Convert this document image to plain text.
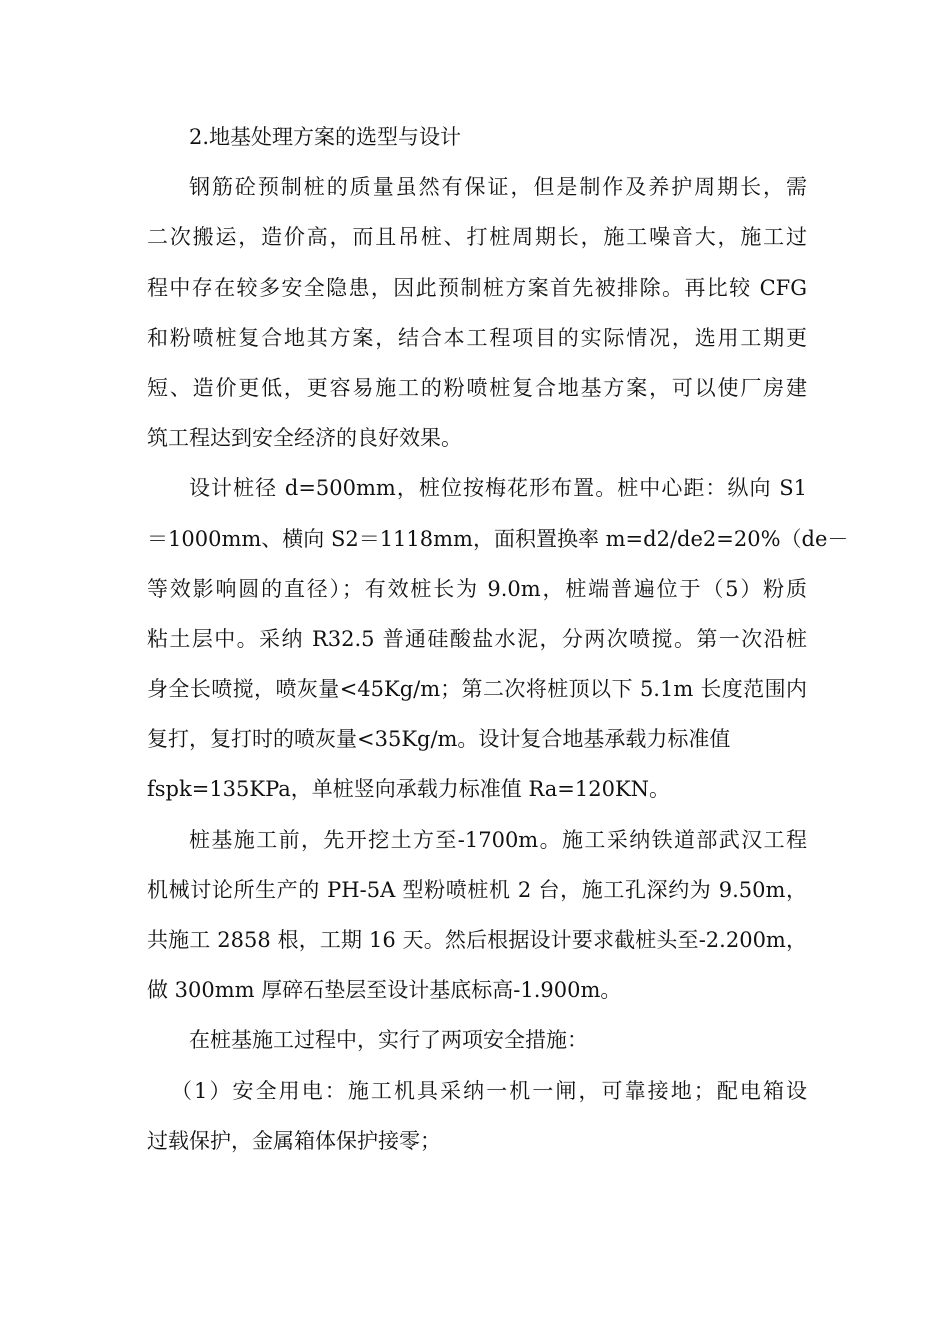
2.地基处理方案的选型与设计
钢筋砼预制桩的质量虽然有保证，但是制作及养护周期长，需
二次搬运，造价高，而且吊桩、打桩周期长，施工噪音大，施工过
程中存在较多安全隐患，因此预制桩方案首先被排除。再比较 CFG
和粉喷桩复合地其方案，结合本工程项目的实际情况，选用工期更
短、造价更低，更容易施工的粉喷桩复合地基方案，可以使厂房建
筑工程达到安全经济的良好效果。
设计桩径 d=500mm，桩位按梅花形布置。桩中心距：纵向 S1
＝1000mm、横向 S2＝1118mm，面积置换率 m=d2/de2=20%（de－
等效影响圆的直径）；有效桩长为 9.0m，桩端普遍位于（5）粉质
粘土层中。采纳 R32.5 普通硅酸盐水泥，分两次喷搅。第一次沿桩
身全长喷搅，喷灰量<45Kg/m；第二次将桩顶以下 5.1m 长度范围内
复打，复打时的喷灰量<35Kg/m。设计复合地基承载力标准值
fspk=135KPa，单桩竖向承载力标准值 Ra=120KN。
桩基施工前，先开挖土方至-1700m。施工采纳铁道部武汉工程
机械讨论所生产的 PH-5A 型粉喷桩机 2 台，施工孔深约为 9.50m，
共施工 2858 根，工期 16 天。然后根据设计要求截桩头至-2.200m，
做 300mm 厚碎石垫层至设计基底标高-1.900m。
在桩基施工过程中，实行了两项安全措施：
（1）安全用电：施工机具采纳一机一闸，可靠接地；配电箱设
过载保护，金属箱体保护接零；
